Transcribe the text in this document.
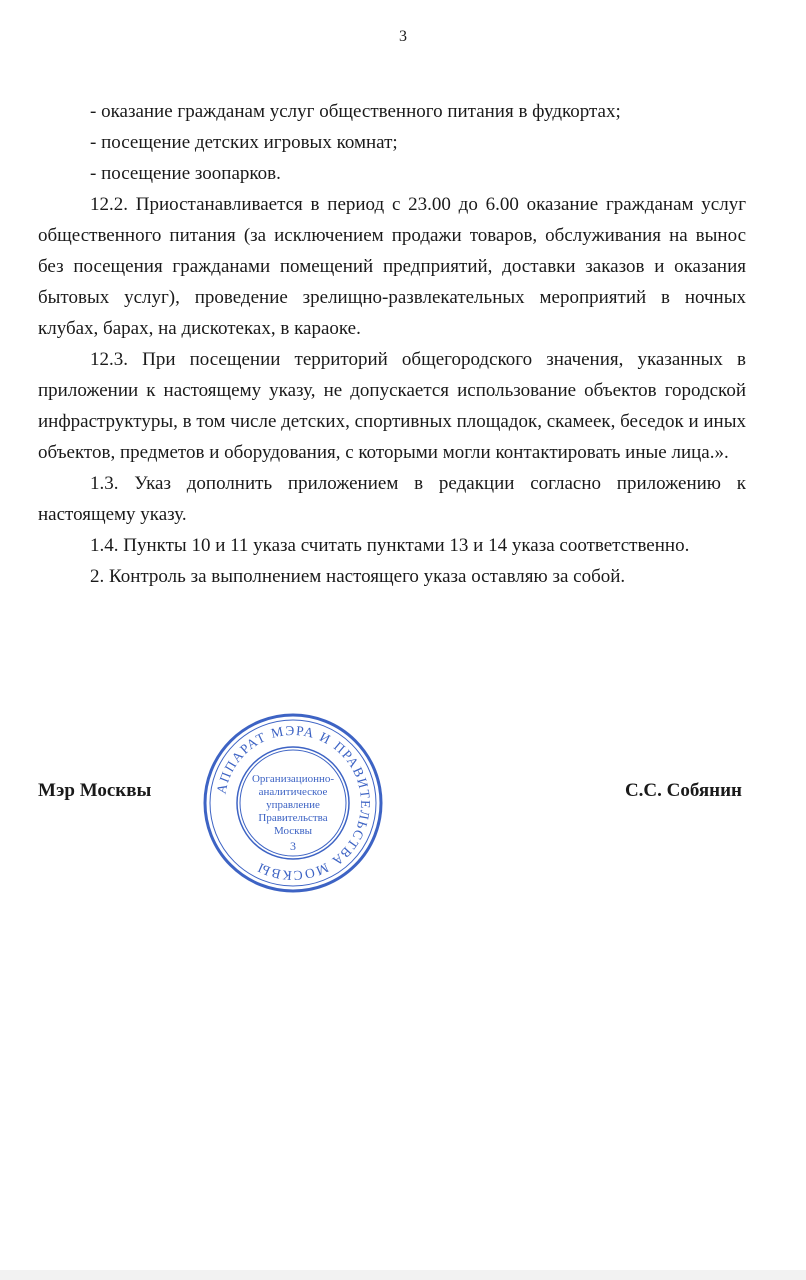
3
- оказание гражданам услуг общественного питания в фудкортах;
- посещение детских игровых комнат;
- посещение зоопарков.
12.2. Приостанавливается в период с 23.00 до 6.00 оказание гражданам услуг общественного питания (за исключением продажи товаров, обслуживания на вынос без посещения гражданами помещений предприятий, доставки заказов и оказания бытовых услуг), проведение зрелищно-развлекательных мероприятий в ночных клубах, барах, на дискотеках, в караоке.
12.3. При посещении территорий общегородского значения, указанных в приложении к настоящему указу, не допускается использование объектов городской инфраструктуры, в том числе детских, спортивных площадок, скамеек, беседок и иных объектов, предметов и оборудования, с которыми могли контактировать иные лица.».
1.3. Указ дополнить приложением в редакции согласно приложению к настоящему указу.
1.4. Пункты 10 и 11 указа считать пунктами 13 и 14 указа соответственно.
2. Контроль за выполнением настоящего указа оставляю за собой.
Мэр Москвы	С.С. Собянин
АППАРАТ МЭРА И ПРАВИТЕЛЬСТВА МОСКВЫ
Организационно-
аналитическое
управление
Правительства
Москвы
3
